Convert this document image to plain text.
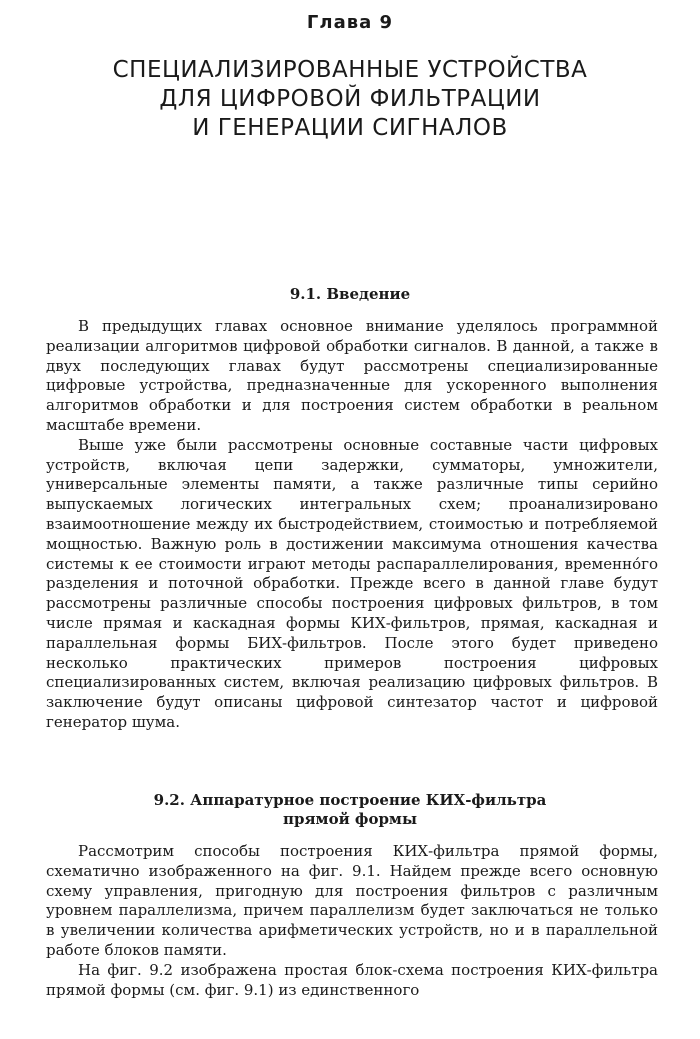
Глава 9
СПЕЦИАЛИЗИРОВАННЫЕ УСТРОЙСТВА
ДЛЯ ЦИФРОВОЙ ФИЛЬТРАЦИИ
И ГЕНЕРАЦИИ СИГНАЛОВ
9.1. Введение

В предыдущих главах основное внимание уделялось программной реализации алгоритмов цифровой обработки сигналов. В данной, а также в двух последующих главах будут рассмотрены специализированные цифровые устройства, предназначенные для ускоренного выполнения алгоритмов обработки и для построения систем обработки в реальном масштабе времени.

Выше уже были рассмотрены основные составные части цифровых устройств, включая цепи задержки, сумматоры, умножители, универсальные элементы памяти, а также различные типы серийно выпускаемых логических интегральных схем; проанализировано взаимоотношение между их быстродействием, стоимостью и потребляемой мощностью. Важную роль в достижении максимума отношения качества системы к ее стоимости играют методы распараллелирования, временно́го разделения и поточной обработки. Прежде всего в данной главе будут рассмотрены различные способы построения цифровых фильтров, в том числе прямая и каскадная формы КИХ-фильтров, прямая, каскадная и параллельная формы БИХ-фильтров. После этого будет приведено несколько практических примеров построения цифровых специализированных систем, включая реализацию цифровых фильтров. В заключение будут описаны цифровой синтезатор частот и цифровой генератор шума.

9.2. Аппаратурное построение КИХ-фильтра
прямой формы

Рассмотрим способы построения КИХ-фильтра прямой формы, схематично изображенного на фиг. 9.1. Найдем прежде всего основную схему управления, пригодную для построения фильтров с различным уровнем параллелизма, причем параллелизм будет заключаться не только в увеличении количества арифметических устройств, но и в параллельной работе блоков памяти.

На фиг. 9.2 изображена простая блок-схема построения КИХ-фильтра прямой формы (см. фиг. 9.1) из единственного
